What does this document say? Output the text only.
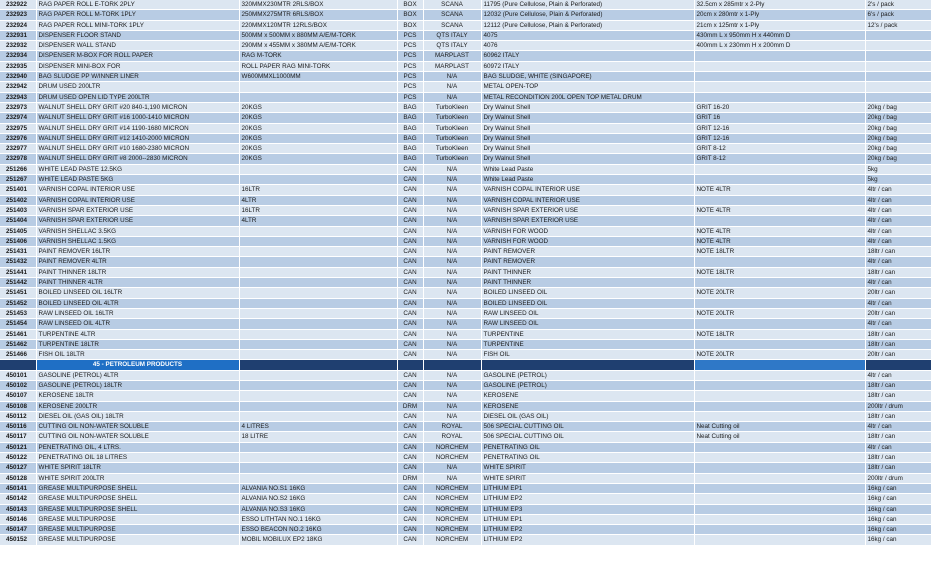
232922	RAG PAPER ROLL E-TORK 2PLY	320MMX230MTR 2RLS/BOX	BOX	SCANA	11795 (Pure Cellulose, Plain & Perforated)	32.5cm x 285mtr x 2-Ply	2's / pack
232923	RAG PAPER ROLL M-TORK 1PLY	250MMX275MTR 6RLS/BOX	BOX	SCANA	12032 (Pure Cellulose, Plain & Perforated)	20cm x 280mtr x 1-Ply	6's / pack
232924	RAG PAPER ROLL MINI-TORK 1PLY	220MMX120MTR 12RLS/BOX	BOX	SCANA	12112 (Pure Cellulose, Plain & Perforated)	21cm x 125mtr x 1-Ply	12's / pack
232931	DISPENSER FLOOR STAND	500MM x 500MM x 880MM A/E/M-TORK	PCS	QTS ITALY	4075	430mm L x 950mm H x 440mm D	
232932	DISPENSER WALL STAND	290MM x 455MM x 380MM A/E/M-TORK	PCS	QTS ITALY	4076	400mm L x 230mm H x 200mm D	
232934	DISPENSER M-BOX FOR ROLL PAPER	RAG M-TORK	PCS	MARPLAST	60962 ITALY		
232935	DISPENSER MINI-BOX FOR	ROLL PAPER RAG MINI-TORK	PCS	MARPLAST	60972 ITALY		
232940	BAG SLUDGE PP W/INNER LINER	W600MMXL1000MM	PCS	N/A	BAG SLUDGE, WHITE (SINGAPORE)		
232942	DRUM USED 200LTR		PCS	N/A	METAL OPEN-TOP		
232943	DRUM USED OPEN LID TYPE 200LTR		PCS	N/A	METAL RECONDITION 200L OPEN TOP METAL DRUM		
232973	WALNUT SHELL DRY GRIT #20 840-1,190 MICRON	20KGS	BAG	TurboKleen	Dry Walnut Shell	GRIT 16-20	20kg / bag
232974	WALNUT SHELL DRY GRIT #16 1000-1410 MICRON	20KGS	BAG	TurboKleen	Dry Walnut Shell	GRIT 16	20kg / bag
232975	WALNUT SHELL DRY GRIT #14 1190-1680 MICRON	20KGS	BAG	TurboKleen	Dry Walnut Shell	GRIT 12-16	20kg / bag
232976	WALNUT SHELL DRY GRIT #12 1410-2000 MICRON	20KGS	BAG	TurboKleen	Dry Walnut Shell	GRIT 12-16	20kg / bag
232977	WALNUT SHELL DRY GRIT #10 1680-2380 MICRON	20KGS	BAG	TurboKleen	Dry Walnut Shell	GRIT 8-12	20kg / bag
232978	WALNUT SHELL DRY GRIT #8 2000--2830 MICRON	20KGS	BAG	TurboKleen	Dry Walnut Shell	GRIT 8-12	20kg / bag
251266	WHITE LEAD PASTE 12.5KG		CAN	N/A	White Lead Paste		5kg
251267	WHITE LEAD PASTE 5KG		CAN	N/A	White Lead Paste		5kg
251401	VARNISH COPAL INTERIOR USE	16LTR	CAN	N/A	VARNISH COPAL INTERIOR USE	NOTE 4LTR	4ltr / can
251402	VARNISH COPAL INTERIOR USE	4LTR	CAN	N/A	VARNISH COPAL INTERIOR USE		4ltr / can
251403	VARNISH SPAR EXTERIOR USE	16LTR	CAN	N/A	VARNISH SPAR EXTERIOR USE	NOTE 4LTR	4ltr / can
251404	VARNISH SPAR EXTERIOR USE	4LTR	CAN	N/A	VARNISH SPAR EXTERIOR USE		4ltr / can
251405	VARNISH SHELLAC 3.5KG		CAN	N/A	VARNISH FOR WOOD	NOTE 4LTR	4ltr / can
251406	VARNISH SHELLAC 1.5KG		CAN	N/A	VARNISH FOR WOOD	NOTE 4LTR	4ltr / can
251431	PAINT REMOVER 16LTR		CAN	N/A	PAINT REMOVER	NOTE 18LTR	18ltr / can
251432	PAINT REMOVER 4LTR		CAN	N/A	PAINT REMOVER		4ltr / can
251441	PAINT THINNER 18LTR		CAN	N/A	PAINT THINNER	NOTE 18LTR	18ltr / can
251442	PAINT THINNER 4LTR		CAN	N/A	PAINT THINNER		4ltr / can
251451	BOILED LINSEED OIL 16LTR		CAN	N/A	BOILED LINSEED OIL	NOTE 20LTR	20ltr / can
251452	BOILED LINSEED OIL 4LTR		CAN	N/A	BOILED LINSEED OIL		4ltr / can
251453	RAW LINSEED OIL 16LTR		CAN	N/A	RAW LINSEED OIL	NOTE 20LTR	20ltr / can
251454	RAW LINSEED OIL 4LTR		CAN	N/A	RAW LINSEED OIL		4ltr / can
251461	TURPENTINE 4LTR		CAN	N/A	TURPENTINE	NOTE 18LTR	18ltr / can
251462	TURPENTINE 18LTR		CAN	N/A	TURPENTINE		18ltr / can
251466	FISH OIL 18LTR		CAN	N/A	FISH OIL	NOTE 20LTR	20ltr / can
	45 - PETROLEUM PRODUCTS						
450101	GASOLINE (PETROL) 4LTR		CAN	N/A	GASOLINE (PETROL)		4ltr / can
450102	GASOLINE (PETROL) 18LTR		CAN	N/A	GASOLINE (PETROL)		18ltr / can
450107	KEROSENE 18LTR		CAN	N/A	KEROSENE		18ltr / can
450108	KEROSENE 200LTR		DRM	N/A	KEROSENE		200ltr / drum
450112	DIESEL OIL (GAS OIL) 18LTR		CAN	N/A	DIESEL OIL (GAS OIL)		18ltr / can
450116	CUTTING OIL NON-WATER SOLUBLE	4 LITRES	CAN	ROYAL	506 SPECIAL CUTTING OIL	Neat Cutting oil	4ltr / can
450117	CUTTING OIL NON-WATER SOLUBLE	18 LITRE	CAN	ROYAL	506 SPECIAL CUTTING OIL	Neat Cutting oil	18ltr / can
450121	PENETRATING OIL, 4 LTRS.		CAN	NORCHEM	PENETRATING OIL		4ltr / can
450122	PENETRATING OIL 18 LITRES		CAN	NORCHEM	PENETRATING OIL		18ltr / can
450127	WHITE SPIRIT 18LTR		CAN	N/A	WHITE SPIRIT		18ltr / can
450128	WHITE SPIRIT 200LTR		DRM	N/A	WHITE SPIRIT		200ltr / drum
450141	GREASE MULTIPURPOSE SHELL	ALVANIA NO.S1 16KG	CAN	NORCHEM	LITHIUM EP1		16kg / can
450142	GREASE MULTIPURPOSE SHELL	ALVANIA NO.S2 16KG	CAN	NORCHEM	LITHIUM EP2		16kg / can
450143	GREASE MULTIPURPOSE SHELL	ALVANIA NO.S3 16KG	CAN	NORCHEM	LITHIUM EP3		16kg / can
450146	GREASE MULTIPURPOSE	ESSO LITHTAN NO.1 16KG	CAN	NORCHEM	LITHIUM EP1		16kg / can
450147	GREASE MULTIPURPOSE	ESSO BEACON NO.2 16KG	CAN	NORCHEM	LITHIUM EP2		16kg / can
450152	GREASE MULTIPURPOSE	MOBIL MOBILUX EP2 18KG	CAN	NORCHEM	LITHIUM EP2		16kg / can
